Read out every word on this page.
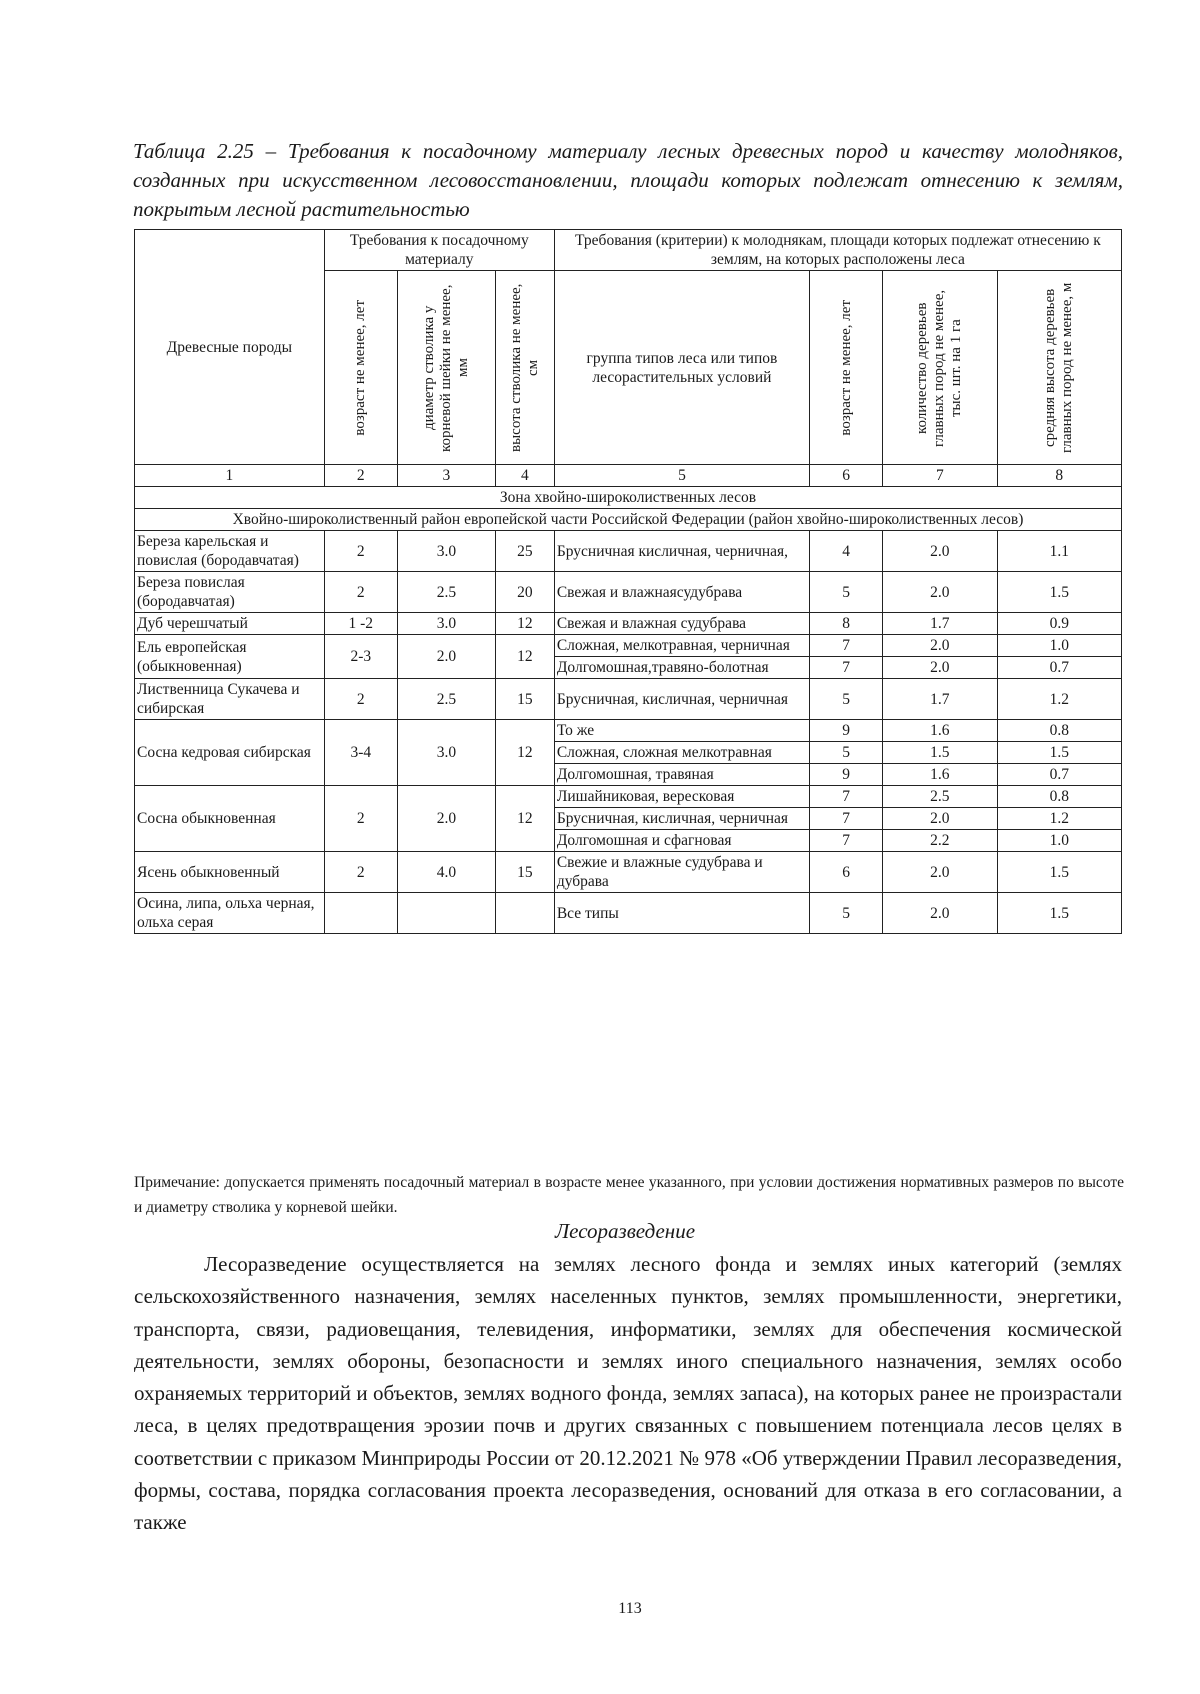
Таблица 2.25 – Требования к посадочному материалу лесных древесных пород и качеству молодняков, созданных при искусственном лесовосстановлении, площади которых подлежат отнесению к землям, покрытым лесной растительностью
Древесные породы	Требования к посадочному материалу			Требования (критерии) к молоднякам, площади которых подлежат отнесению к землям, на которых расположены леса			

	возраст не менее, лет	диаметр стволика у корневой шейки не менее, мм	высота стволика не менее, см	группа типов леса или типов лесорастительных условий	возраст не менее, лет	количество деревьев главных пород не менее, тыс. шт. на 1 га	средняя высота деревьев главных пород не менее, м

1	2	3	4	5	6	7	8
Зона хвойно-широколиственных лесов							
Хвойно-широколиственный район европейской части Российской Федерации (район хвойно-широколиственных лесов)							
Береза карельская и повислая (бородавчатая)	2	3.0	25	Брусничная кисличная, черничная,	4	2.0	1.1
Береза повислая (бородавчатая)	2	2.5	20	Свежая и влажнаясудубрава	5	2.0	1.5
Дуб черешчатый	1 -2	3.0	12	Свежая и влажная судубрава	8	1.7	0.9
Ель европейская (обыкновенная)	2-3	2.0	12	Сложная, мелкотравная, черничная	7	2.0	1.0
				Долгомошная,травяно-болотная	7	2.0	0.7
Лиственница Сукачева и сибирская	2	2.5	15	Брусничная, кисличная, черничная	5	1.7	1.2
Сосна кедровая сибирская	3-4	3.0	12	То же	9	1.6	0.8
				Сложная, сложная мелкотравная	5	1.5	1.5
				Долгомошная, травяная	9	1.6	0.7
Сосна обыкновенная	2	2.0	12	Лишайниковая, вересковая	7	2.5	0.8
				Брусничная, кисличная, черничная	7	2.0	1.2
				Долгомошная и сфагновая	7	2.2	1.0
Ясень обыкновенный	2	4.0	15	Свежие и влажные судубрава и дубрава	6	2.0	1.5
Осина, липа, ольха черная, ольха серая				Все типы	5	2.0	1.5
Примечание: допускается применять посадочный материал в возрасте менее указанного, при условии достижения нормативных размеров по высоте и диаметру стволика у корневой шейки.
Лесоразведение
Лесоразведение осуществляется на землях лесного фонда и землях иных категорий (землях сельскохозяйственного назначения, землях населенных пунктов, землях промышленности, энергетики, транспорта, связи, радиовещания, телевидения, информатики, землях для обеспечения космической деятельности, землях обороны, безопасности и землях иного специального назначения, землях особо охраняемых территорий и объектов, землях водного фонда, землях запаса), на которых ранее не произрастали леса, в целях предотвращения эрозии почв и других связанных с повышением потенциала лесов целях в соответствии с приказом Минприроды России от 20.12.2021 № 978 «Об утверждении Правил лесоразведения, формы, состава, порядка согласования проекта лесоразведения, оснований для отказа в его согласовании, а также
113
